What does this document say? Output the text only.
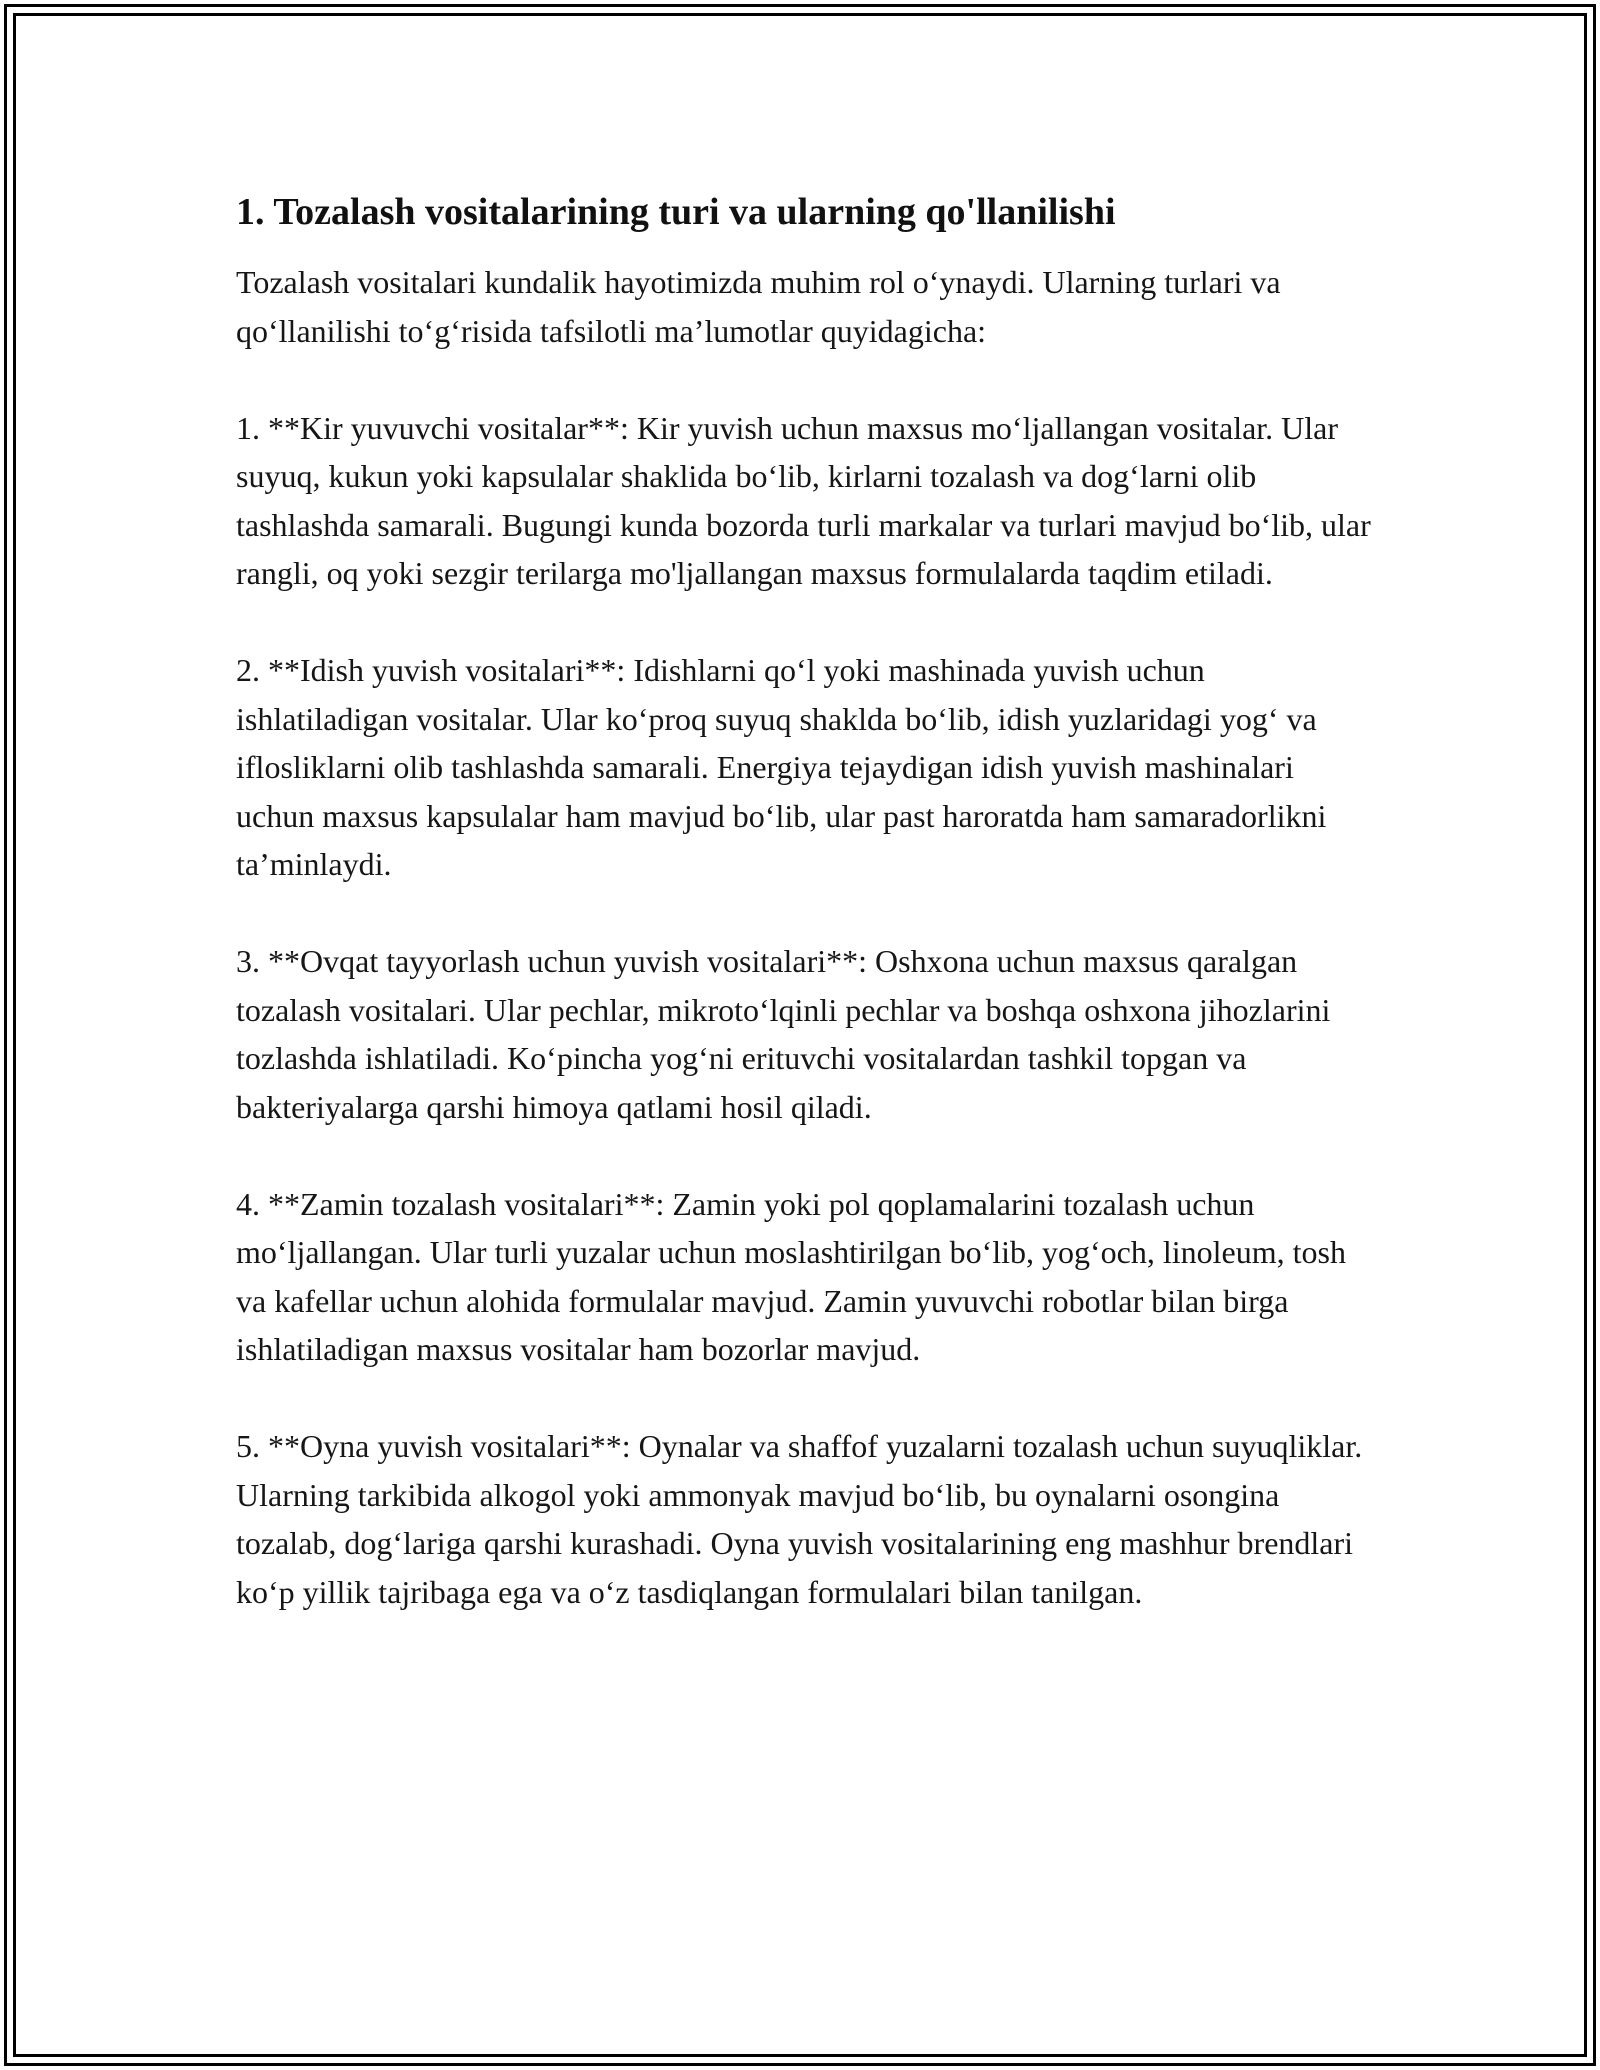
1. Tozalash vositalarining turi va ularning qo'llanilishi

Tozalash vositalari kundalik hayotimizda muhim rol oʻynaydi. Ularning turlari va qoʻllanilishi toʻgʻrisida tafsilotli maʼlumotlar quyidagicha:

1. **Kir yuvuvchi vositalar**: Kir yuvish uchun maxsus moʻljallangan vositalar. Ular suyuq, kukun yoki kapsulalar shaklida boʻlib, kirlarni tozalash va dogʻlarni olib tashlashda samarali. Bugungi kunda bozorda turli markalar va turlari mavjud boʻlib, ular rangli, oq yoki sezgir terilarga mo'ljallangan maxsus formulalarda taqdim etiladi.

2. **Idish yuvish vositalari**: Idishlarni qoʻl yoki mashinada yuvish uchun ishlatiladigan vositalar. Ular koʻproq suyuq shaklda boʻlib, idish yuzlaridagi yogʻ va iflosliklarni olib tashlashda samarali. Energiya tejaydigan idish yuvish mashinalari uchun maxsus kapsulalar ham mavjud boʻlib, ular past haroratda ham samaradorlikni taʼminlaydi.

3. **Ovqat tayyorlash uchun yuvish vositalari**: Oshxona uchun maxsus qaralgan tozalash vositalari. Ular pechlar, mikrotoʻlqinli pechlar va boshqa oshxona jihozlarini tozlashda ishlatiladi. Koʻpincha yogʻni erituvchi vositalardan tashkil topgan va bakteriyalarga qarshi himoya qatlami hosil qiladi.

4. **Zamin tozalash vositalari**: Zamin yoki pol qoplamalarini tozalash uchun moʻljallangan. Ular turli yuzalar uchun moslashtirilgan boʻlib, yogʻoch, linoleum, tosh va kafellar uchun alohida formulalar mavjud. Zamin yuvuvchi robotlar bilan birga ishlatiladigan maxsus vositalar ham bozorlar mavjud.

5. **Oyna yuvish vositalari**: Oynalar va shaffof yuzalarni tozalash uchun suyuqliklar. Ularning tarkibida alkogol yoki ammonyak mavjud boʻlib, bu oynalarni osongina tozalab, dogʻlariga qarshi kurashadi. Oyna yuvish vositalarining eng mashhur brendlari koʻp yillik tajribaga ega va oʻz tasdiqlangan formulalari bilan tanilgan.
